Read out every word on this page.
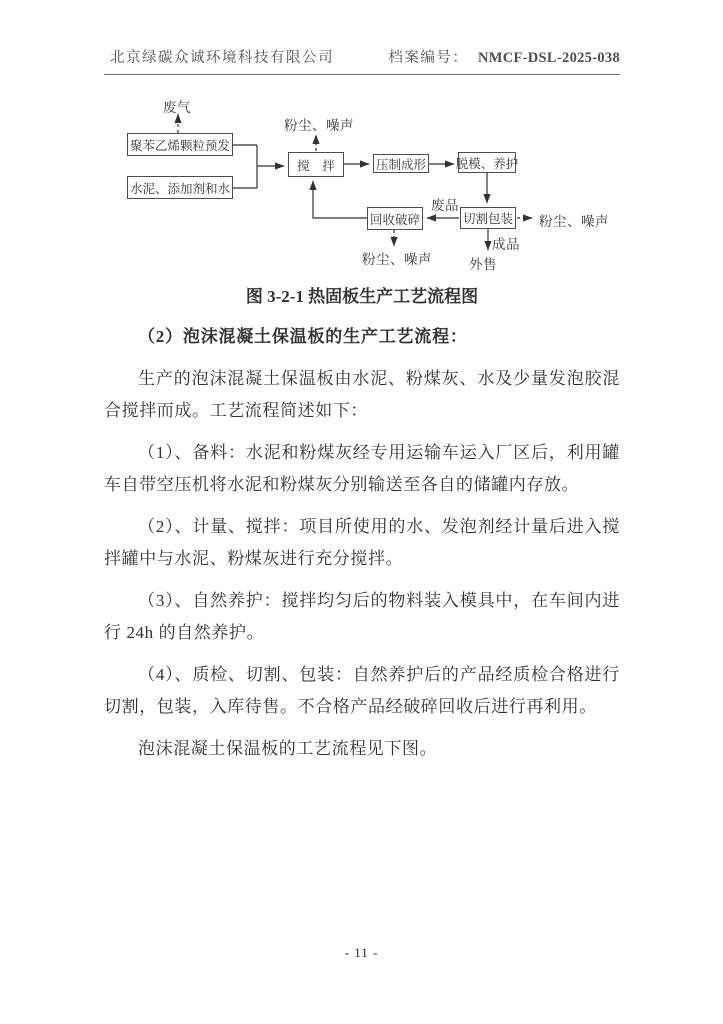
北京绿碳众诚环境科技有限公司	档案编号： NMCF-DSL-2025-038
聚苯乙烯颗粒预发
水泥、添加剂和水
搅　拌	压制成形 脱模、养护
切割包装
回收破碎
废气
粉尘、噪声
废品
粉尘、噪声
粉尘、噪声
成品
外售
图 3-2-1 热固板生产工艺流程图

（2）泡沫混凝土保温板的生产工艺流程：

生产的泡沫混凝土保温板由水泥、粉煤灰、水及少量发泡胶混合搅拌而成。工艺流程简述如下：

（1）、备料：水泥和粉煤灰经专用运输车运入厂区后，利用罐车自带空压机将水泥和粉煤灰分别输送至各自的储罐内存放。

（2）、计量、搅拌：项目所使用的水、发泡剂经计量后进入搅拌罐中与水泥、粉煤灰进行充分搅拌。

（3）、自然养护：搅拌均匀后的物料装入模具中，在车间内进行 24h 的自然养护。

（4）、质检、切割、包装：自然养护后的产品经质检合格进行切割，包装，入库待售。不合格产品经破碎回收后进行再利用。

泡沫混凝土保温板的工艺流程见下图。

- 11 -
